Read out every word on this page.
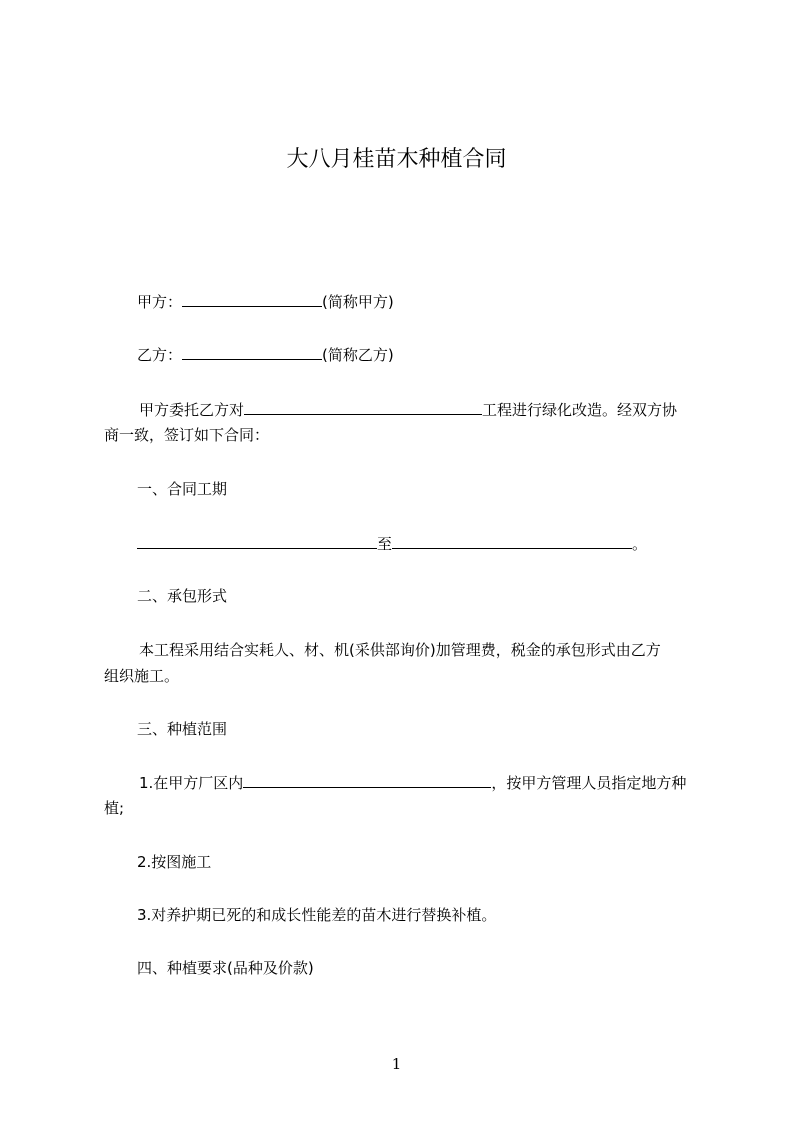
大八月桂苗木种植合同
甲方：	(简称甲方)
乙方：	(简称乙方)
甲方委托乙方对	工程进行绿化改造。经双方协
商一致，签订如下合同：
一、合同工期
至	。
二、承包形式
本工程采用结合实耗人、材、机(采供部询价)加管理费，税金的承包形式由乙方
组织施工。
三、种植范围
1.在甲方厂区内	，按甲方管理人员指定地方种
植;
2.按图施工
3.对养护期已死的和成长性能差的苗木进行替换补植。
四、种植要求(品种及价款)
1
